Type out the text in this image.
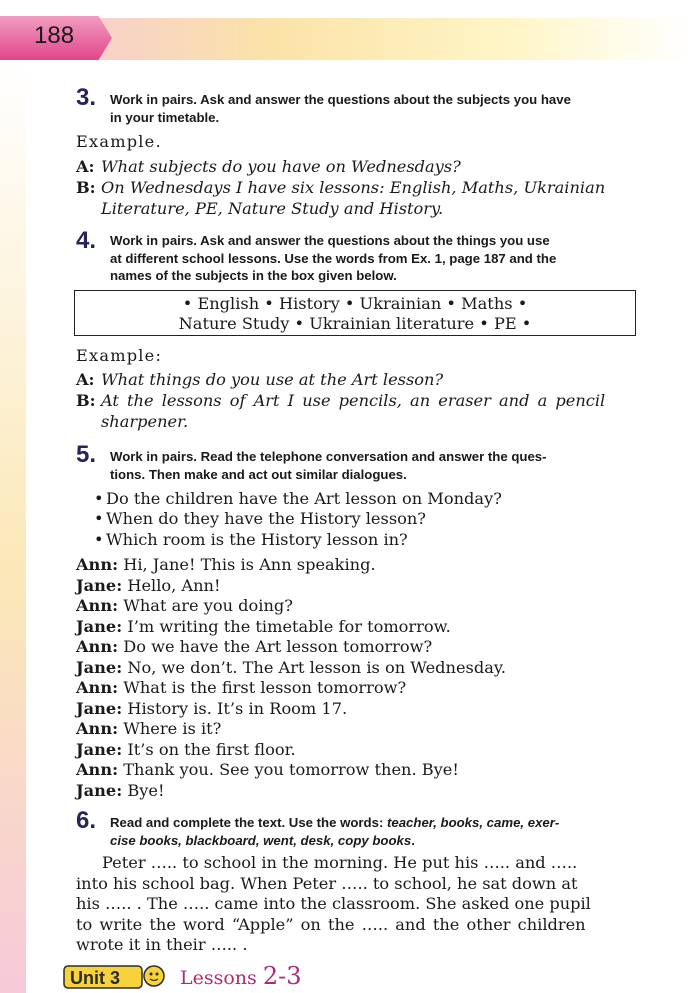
188
3. Work in pairs. Ask and answer the questions about the subjects you have
in your timetable.
Example.
A: What subjects do you have on Wednesdays?
B: On Wednesdays I have six lessons: English, Maths, Ukrainian
Literature, PE, Nature Study and History.
4. Work in pairs. Ask and answer the questions about the things you use
at different school lessons. Use the words from Ex. 1, page 187 and the
names of the subjects in the box given below.
• English • History • Ukrainian • Maths •
Nature Study • Ukrainian literature • PE •
Example:
A: What things do you use at the Art lesson?
B: At the lessons of Art I use pencils, an eraser and a pencil
sharpener.
5. Work in pairs. Read the telephone conversation and answer the ques-
tions. Then make and act out similar dialogues.
• Do the children have the Art lesson on Monday?
• When do they have the History lesson?
• Which room is the History lesson in?
Ann: Hi, Jane! This is Ann speaking.
Jane: Hello, Ann!
Ann: What are you doing?
Jane: I’m writing the timetable for tomorrow.
Ann: Do we have the Art lesson tomorrow?
Jane: No, we don’t. The Art lesson is on Wednesday.
Ann: What is the first lesson tomorrow?
Jane: History is. It’s in Room 17.
Ann: Where is it?
Jane: It’s on the first floor.
Ann: Thank you. See you tomorrow then. Bye!
Jane: Bye!
6. Read and complete the text. Use the words: teacher, books, came, exer-
cise books, blackboard, went, desk, copy books.
Peter ….. to school in the morning. He put his ….. and …..
into his school bag. When Peter ….. to school, he sat down at
his ….. . The ….. came into the classroom. She asked one pupil
to write the word “Apple” on the ….. and the other children
wrote it in their ….. .
Unit 3	Lessons 2-3
